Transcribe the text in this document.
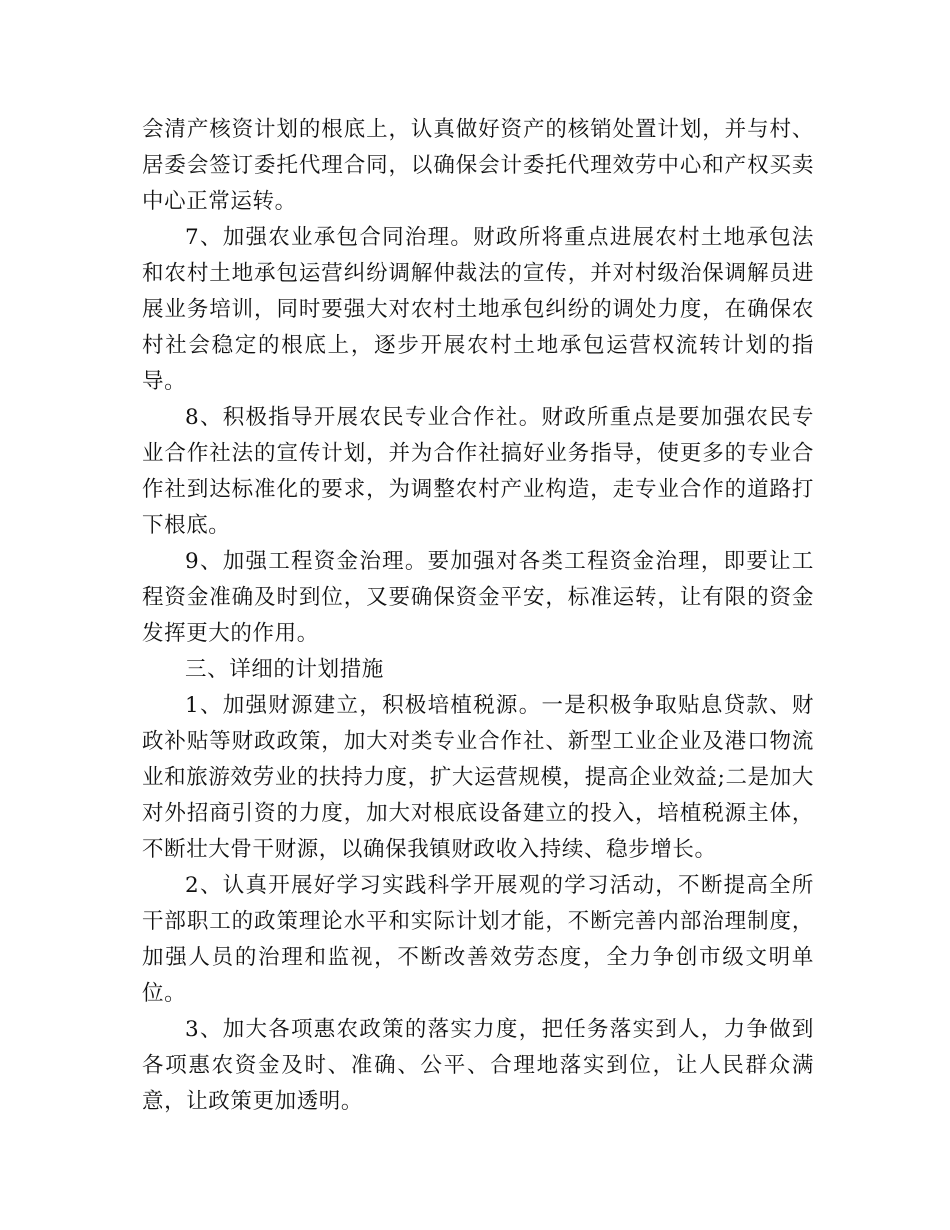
会清产核资计划的根底上，认真做好资产的核销处置计划，并与村、居委会签订委托代理合同，以确保会计委托代理效劳中心和产权买卖中心正常运转。

7、加强农业承包合同治理。财政所将重点进展农村土地承包法和农村土地承包运营纠纷调解仲裁法的宣传，并对村级治保调解员进展业务培训，同时要强大对农村土地承包纠纷的调处力度，在确保农村社会稳定的根底上，逐步开展农村土地承包运营权流转计划的指导。

8、积极指导开展农民专业合作社。财政所重点是要加强农民专业合作社法的宣传计划，并为合作社搞好业务指导，使更多的专业合作社到达标准化的要求，为调整农村产业构造，走专业合作的道路打下根底。

9、加强工程资金治理。要加强对各类工程资金治理，即要让工程资金准确及时到位，又要确保资金平安，标准运转，让有限的资金发挥更大的作用。

三、详细的计划措施

1、加强财源建立，积极培植税源。一是积极争取贴息贷款、财政补贴等财政政策，加大对类专业合作社、新型工业企业及港口物流业和旅游效劳业的扶持力度，扩大运营规模，提高企业效益;二是加大对外招商引资的力度，加大对根底设备建立的投入，培植税源主体，不断壮大骨干财源，以确保我镇财政收入持续、稳步增长。

2、认真开展好学习实践科学开展观的学习活动，不断提高全所干部职工的政策理论水平和实际计划才能，不断完善内部治理制度，加强人员的治理和监视，不断改善效劳态度，全力争创市级文明单位。

3、加大各项惠农政策的落实力度，把任务落实到人，力争做到各项惠农资金及时、准确、公平、合理地落实到位，让人民群众满意，让政策更加透明。
